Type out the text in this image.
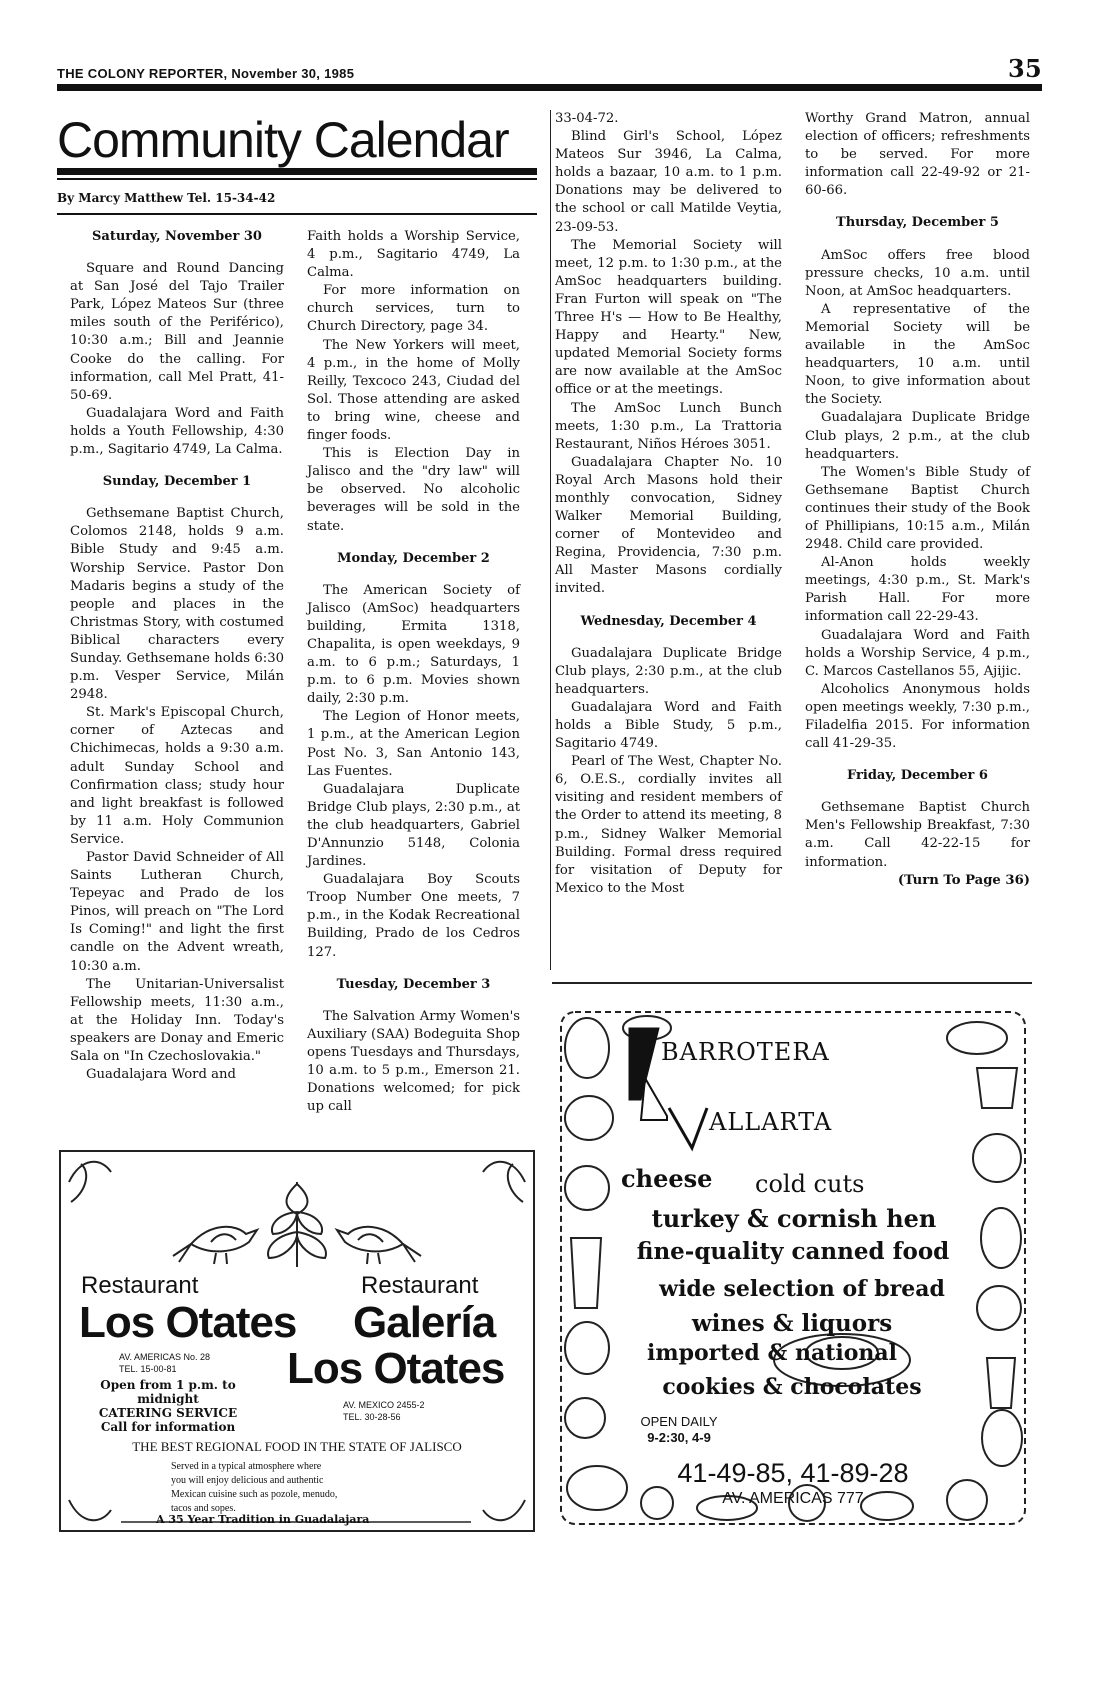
THE COLONY REPORTER, November 30, 1985	35
Community Calendar
By Marcy Matthew Tel. 15-34-42
Saturday, November 30

Square and Round Dancing at San José del Tajo Trailer Park, López Mateos Sur (three miles south of the Periférico), 10:30 a.m.; Bill and Jeannie Cooke do the calling. For information, call Mel Pratt, 41-50-69.

Guadalajara Word and Faith holds a Youth Fellowship, 4:30 p.m., Sagitario 4749, La Calma.

Sunday, December 1

Gethsemane Baptist Church, Colomos 2148, holds 9 a.m. Bible Study and 9:45 a.m. Worship Service. Pastor Don Madaris begins a study of the people and places in the Christmas Story, with costumed Biblical characters every Sunday. Gethsemane holds 6:30 p.m. Vesper Service, Milán 2948.

St. Mark's Episcopal Church, corner of Aztecas and Chichimecas, holds a 9:30 a.m. adult Sunday School and Confirmation class; study hour and light breakfast is followed by 11 a.m. Holy Communion Service.

Pastor David Schneider of All Saints Lutheran Church, Tepeyac and Prado de los Pinos, will preach on "The Lord Is Coming!" and light the first candle on the Advent wreath, 10:30 a.m.

The Unitarian-Universalist Fellowship meets, 11:30 a.m., at the Holiday Inn. Today's speakers are Donay and Emeric Sala on "In Czechoslovakia."

Guadalajara Word and

Faith holds a Worship Service, 4 p.m., Sagitario 4749, La Calma.

For more information on church services, turn to Church Directory, page 34.

The New Yorkers will meet, 4 p.m., in the home of Molly Reilly, Texcoco 243, Ciudad del Sol. Those attending are asked to bring wine, cheese and finger foods.

This is Election Day in Jalisco and the "dry law" will be observed. No alcoholic beverages will be sold in the state.

Monday, December 2

The American Society of Jalisco (AmSoc) headquarters building, Ermita 1318, Chapalita, is open weekdays, 9 a.m. to 6 p.m.; Saturdays, 1 p.m. to 6 p.m. Movies shown daily, 2:30 p.m.

The Legion of Honor meets, 1 p.m., at the American Legion Post No. 3, San Antonio 143, Las Fuentes.

Guadalajara Duplicate Bridge Club plays, 2:30 p.m., at the club headquarters, Gabriel D'Annunzio 5148, Colonia Jardines.

Guadalajara Boy Scouts Troop Number One meets, 7 p.m., in the Kodak Recreational Building, Prado de los Cedros 127.

Tuesday, December 3

The Salvation Army Women's Auxiliary (SAA) Bodeguita Shop opens Tuesdays and Thursdays, 10 a.m. to 5 p.m., Emerson 21. Donations welcomed; for pick up call

33-04-72.

Blind Girl's School, López Mateos Sur 3946, La Calma, holds a bazaar, 10 a.m. to 1 p.m. Donations may be delivered to the school or call Matilde Veytia, 23-09-53.

The Memorial Society will meet, 12 p.m. to 1:30 p.m., at the AmSoc headquarters building. Fran Furton will speak on "The Three H's — How to Be Healthy, Happy and Hearty." New, updated Memorial Society forms are now available at the AmSoc office or at the meetings.

The AmSoc Lunch Bunch meets, 1:30 p.m., La Trattoria Restaurant, Niños Héroes 3051.

Guadalajara Chapter No. 10 Royal Arch Masons hold their monthly convocation, Sidney Walker Memorial Building, corner of Montevideo and Regina, Providencia, 7:30 p.m. All Master Masons cordially invited.

Wednesday, December 4

Guadalajara Duplicate Bridge Club plays, 2:30 p.m., at the club headquarters.

Guadalajara Word and Faith holds a Bible Study, 5 p.m., Sagitario 4749.

Pearl of The West, Chapter No. 6, O.E.S., cordially invites all visiting and resident members of the Order to attend its meeting, 8 p.m., Sidney Walker Memorial Building. Formal dress required for visitation of Deputy for Mexico to the Most

Worthy Grand Matron, annual election of officers; refreshments to be served. For more information call 22-49-92 or 21-60-66.

Thursday, December 5

AmSoc offers free blood pressure checks, 10 a.m. until Noon, at AmSoc headquarters.

A representative of the Memorial Society will be available in the AmSoc headquarters, 10 a.m. until Noon, to give information about the Society.

Guadalajara Duplicate Bridge Club plays, 2 p.m., at the club headquarters.

The Women's Bible Study of Gethsemane Baptist Church continues their study of the Book of Phillipians, 10:15 a.m., Milán 2948. Child care provided.

Al-Anon holds weekly meetings, 4:30 p.m., St. Mark's Parish Hall. For more information call 22-29-43.

Guadalajara Word and Faith holds a Worship Service, 4 p.m., C. Marcos Castellanos 55, Ajijic.

Alcoholics Anonymous holds open meetings weekly, 7:30 p.m., Filadelfia 2015. For information call 41-29-35.

Friday, December 6

Gethsemane Baptist Church Men's Fellowship Breakfast, 7:30 a.m. Call 42-22-15 for information.

(Turn To Page 36)

Restaurant
Los Otates
AV. AMERICAS No. 28
TEL. 15-00-81
Open from 1 p.m. to
midnight
CATERING SERVICE
Call for information
Restaurant
Galería
Los Otates
AV. MEXICO 2455-2
TEL. 30-28-56
THE BEST REGIONAL FOOD IN THE STATE OF JALISCO
Served in a typical atmosphere where
you will enjoy delicious and authentic
Mexican cuisine such as pozole, menudo,
tacos and sopes.
A 35 Year Tradition in Guadalajara
BARROTERA
ALLARTA
cheese cold cuts
turkey & cornish hen
fine-quality canned food
wide selection of bread
wines & liquors
imported & national
cookies & chocolates
OPEN DAILY
9-2:30, 4-9
41-49-85, 41-89-28
AV. AMERICAS 777
